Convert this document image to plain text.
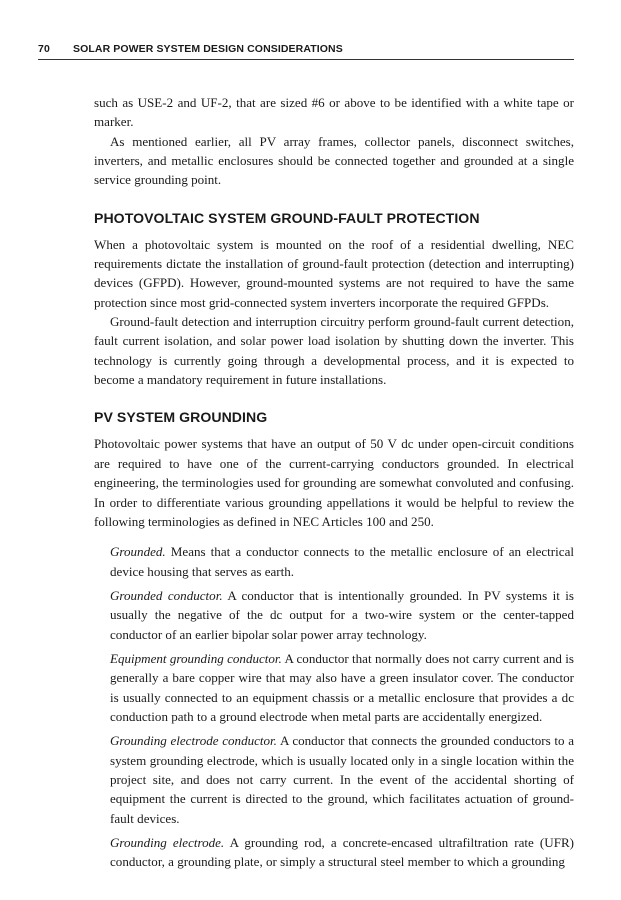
70 SOLAR POWER SYSTEM DESIGN CONSIDERATIONS

such as USE-2 and UF-2, that are sized #6 or above to be identified with a white tape or marker.

As mentioned earlier, all PV array frames, collector panels, disconnect switches, inverters, and metallic enclosures should be connected together and grounded at a single service grounding point.

PHOTOVOLTAIC SYSTEM GROUND-FAULT PROTECTION

When a photovoltaic system is mounted on the roof of a residential dwelling, NEC requirements dictate the installation of ground-fault protection (detection and interrupting) devices (GFPD). However, ground-mounted systems are not required to have the same protection since most grid-connected system inverters incorporate the required GFPDs.

Ground-fault detection and interruption circuitry perform ground-fault current detection, fault current isolation, and solar power load isolation by shutting down the inverter. This technology is currently going through a developmental process, and it is expected to become a mandatory requirement in future installations.

PV SYSTEM GROUNDING

Photovoltaic power systems that have an output of 50 V dc under open-circuit conditions are required to have one of the current-carrying conductors grounded. In electrical engineering, the terminologies used for grounding are somewhat convoluted and confusing. In order to differentiate various grounding appellations it would be helpful to review the following terminologies as defined in NEC Articles 100 and 250.

Grounded. Means that a conductor connects to the metallic enclosure of an electrical device housing that serves as earth.

Grounded conductor. A conductor that is intentionally grounded. In PV systems it is usually the negative of the dc output for a two-wire system or the center-tapped conductor of an earlier bipolar solar power array technology.

Equipment grounding conductor. A conductor that normally does not carry current and is generally a bare copper wire that may also have a green insulator cover. The conductor is usually connected to an equipment chassis or a metallic enclosure that provides a dc conduction path to a ground electrode when metal parts are accidentally energized.

Grounding electrode conductor. A conductor that connects the grounded conductors to a system grounding electrode, which is usually located only in a single location within the project site, and does not carry current. In the event of the accidental shorting of equipment the current is directed to the ground, which facilitates actuation of ground-fault devices.

Grounding electrode. A grounding rod, a concrete-encased ultrafiltration rate (UFR) conductor, a grounding plate, or simply a structural steel member to which a grounding
